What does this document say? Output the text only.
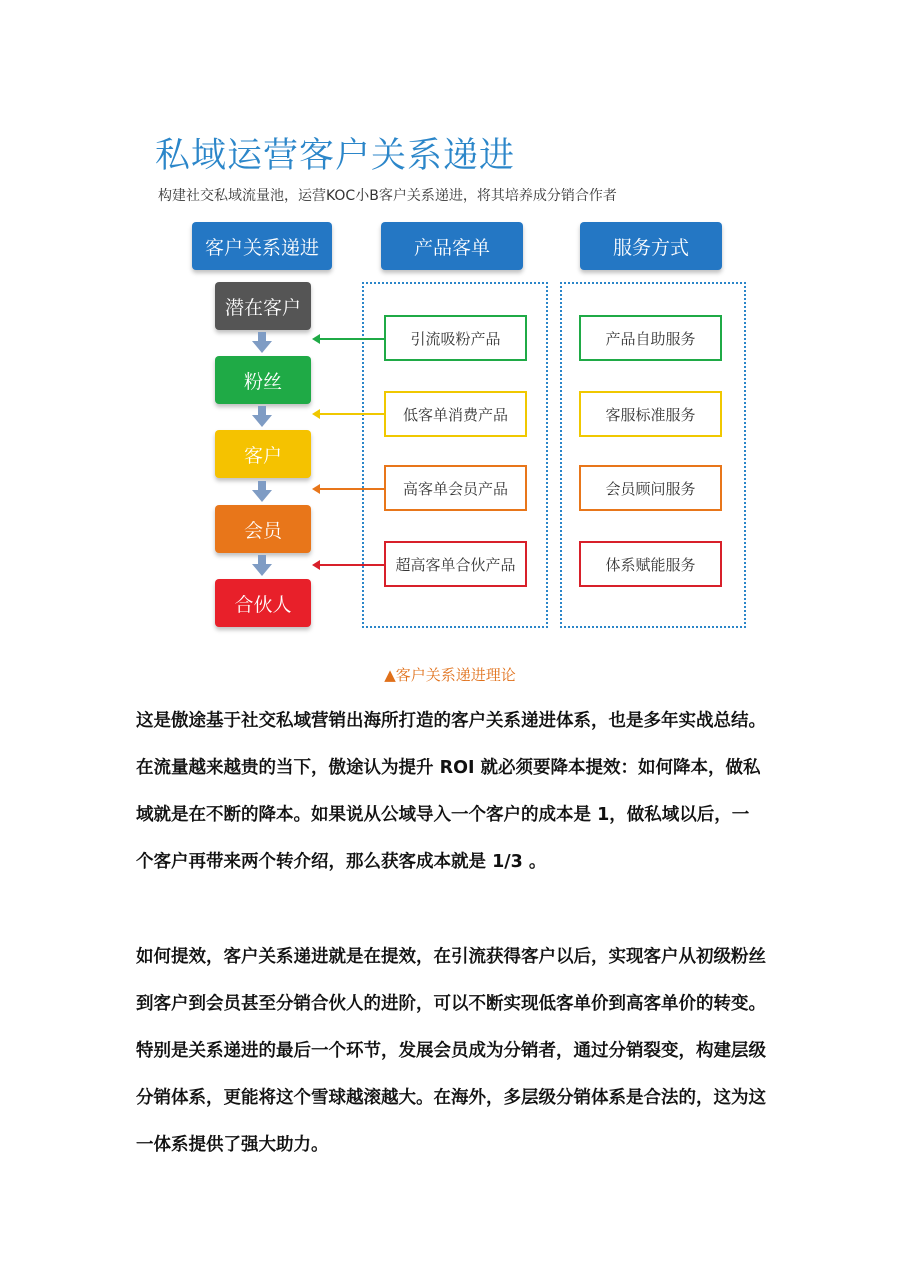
私域运营客户关系递进
构建社交私域流量池，运营KOC小B客户关系递进，将其培养成分销合作者
客户关系递进	产品客单	服务方式
潜在客户
粉丝
客户
会员
合伙人
引流吸粉产品
低客单消费产品
高客单会员产品
超高客单合伙产品
产品自助服务
客服标准服务
会员顾问服务
体系赋能服务
▲客户关系递进理论

这是傲途基于社交私域营销出海所打造的客户关系递进体系，也是多年实战总结。在流量越来越贵的当下，傲途认为提升 ROI 就必须要降本提效：如何降本，做私域就是在不断的降本。如果说从公域导入一个客户的成本是 1，做私域以后，一个客户再带来两个转介绍，那么获客成本就是 1/3 。

如何提效，客户关系递进就是在提效，在引流获得客户以后，实现客户从初级粉丝到客户到会员甚至分销合伙人的进阶，可以不断实现低客单价到高客单价的转变。特别是关系递进的最后一个环节，发展会员成为分销者，通过分销裂变，构建层级分销体系，更能将这个雪球越滚越大。在海外，多层级分销体系是合法的，这为这一体系提供了强大助力。
